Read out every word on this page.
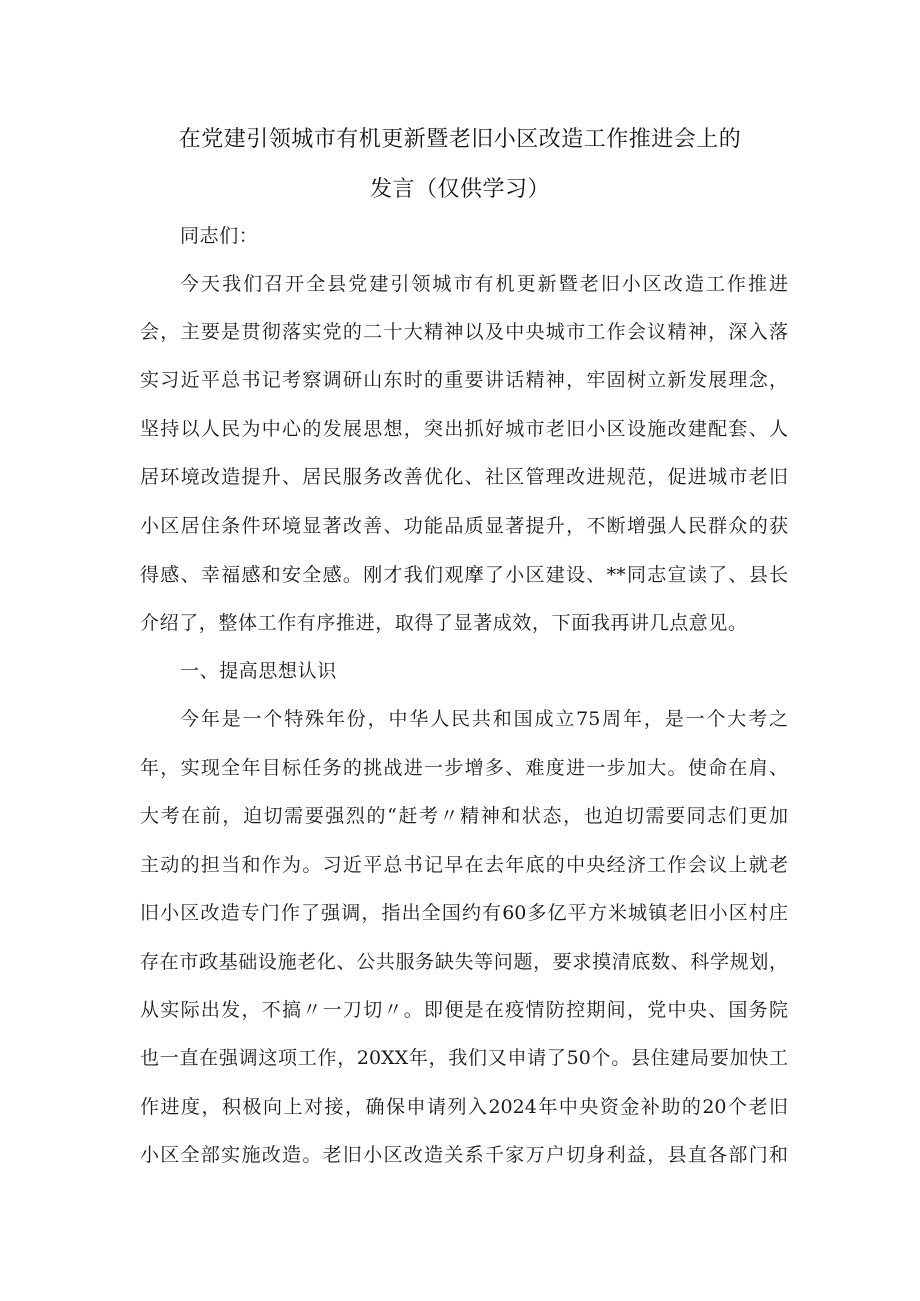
在党建引领城市有机更新暨老旧小区改造工作推进会上的
发言（仅供学习）
同志们：
今天我们召开全县党建引领城市有机更新暨老旧小区改造工作推进
会，主要是贯彻落实党的二十大精神以及中央城市工作会议精神，深入落
实习近平总书记考察调研山东时的重要讲话精神，牢固树立新发展理念，
坚持以人民为中心的发展思想，突出抓好城市老旧小区设施改建配套、人
居环境改造提升、居民服务改善优化、社区管理改进规范，促进城市老旧
小区居住条件环境显著改善、功能品质显著提升，不断增强人民群众的获
得感、幸福感和安全感。刚才我们观摩了小区建设、**同志宣读了、县长
介绍了，整体工作有序推进，取得了显著成效，下面我再讲几点意见。
一、提高思想认识
今年是一个特殊年份，中华人民共和国成立75周年，是一个大考之
年，实现全年目标任务的挑战进一步增多、难度进一步加大。使命在肩、
大考在前，迫切需要强烈的“赶考〃精神和状态，也迫切需要同志们更加
主动的担当和作为。习近平总书记早在去年底的中央经济工作会议上就老
旧小区改造专门作了强调，指出全国约有60多亿平方米城镇老旧小区村庄
存在市政基础设施老化、公共服务缺失等问题，要求摸清底数、科学规划，
从实际出发，不搞〃一刀切〃。即便是在疫情防控期间，党中央、国务院
也一直在强调这项工作，20XX年，我们又申请了50个。县住建局要加快工
作进度，积极向上对接，确保申请列入2024年中央资金补助的20个老旧
小区全部实施改造。老旧小区改造关系千家万户切身利益，县直各部门和
